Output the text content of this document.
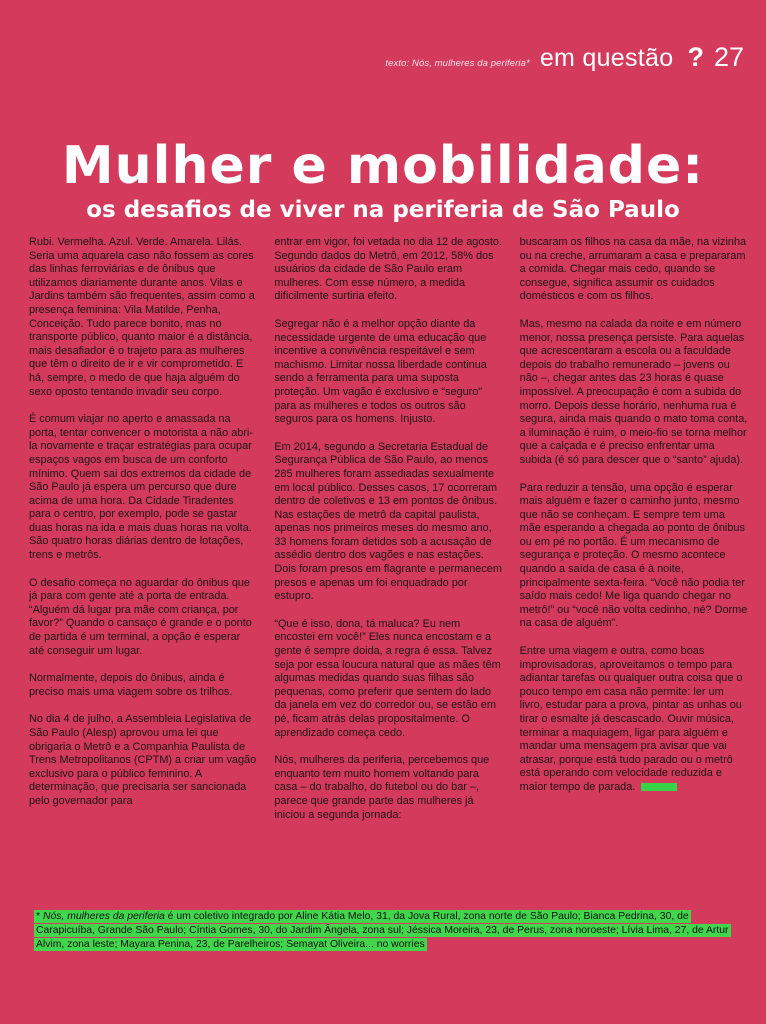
texto: Nós, mulheres da periferia* em questão ? 27
Mulher e mobilidade:
os desafios de viver na periferia de São Paulo

Rubi. Vermelha. Azul. Verde. Amarela. Lilás. Seria uma aquarela caso não fossem as cores das linhas ferroviárias e de ônibus que utilizamos diariamente durante anos. Vilas e Jardins também são frequentes, assim como a presença feminina: Vila Matilde, Penha, Conceição. Tudo parece bonito, mas no transporte público, quanto maior é a distância, mais desafiador é o trajeto para as mulheres que têm o direito de ir e vir comprometido. E há, sempre, o medo de que haja alguém do sexo oposto tentando invadir seu corpo.

É comum viajar no aperto e amassada na porta, tentar convencer o motorista a não abri-la novamente e traçar estratégias para ocupar espaços vagos em busca de um conforto mínimo. Quem sai dos extremos da cidade de São Paulo já espera um percurso que dure acima de uma hora. Da Cidade Tiradentes para o centro, por exemplo, pode se gastar duas horas na ida e mais duas horas na volta. São quatro horas diárias dentro de lotações, trens e metrôs.

O desafio começa no aguardar do ônibus que já para com gente até a porta de entrada. “Alguém dá lugar pra mãe com criança, por favor?” Quando o cansaço é grande e o ponto de partida é um terminal, a opção é esperar até conseguir um lugar.

Normalmente, depois do ônibus, ainda é preciso mais uma viagem sobre os trilhos.

No dia 4 de julho, a Assembleia Legislativa de São Paulo (Alesp) aprovou uma lei que obrigaria o Metrô e a Companhia Paulista de Trens Metropolitanos (CPTM) a criar um vagão exclusivo para o público feminino. A determinação, que precisaria ser sancionada pelo governador para

entrar em vigor, foi vetada no dia 12 de agosto. Segundo dados do Metrô, em 2012, 58% dos usuários da cidade de São Paulo eram mulheres. Com esse número, a medida dificilmente surtiria efeito.

Segregar não é a melhor opção diante da necessidade urgente de uma educação que incentive a convivência respeitável e sem machismo. Limitar nossa liberdade continua sendo a ferramenta para uma suposta proteção. Um vagão é exclusivo e “seguro” para as mulheres e todos os outros são seguros para os homens. Injusto.

Em 2014, segundo a Secretaria Estadual de Segurança Pública de São Paulo, ao menos 285 mulheres foram assediadas sexualmente em local público. Desses casos, 17 ocorreram dentro de coletivos e 13 em pontos de ônibus. Nas estações de metrô da capital paulista, apenas nos primeiros meses do mesmo ano, 33 homens foram detidos sob a acusação de assédio dentro dos vagões e nas estações. Dois foram presos em flagrante e permanecem presos e apenas um foi enquadrado por estupro.

“Que é isso, dona, tá maluca? Eu nem encostei em você!” Eles nunca encostam e a gente é sempre doida, a regra é essa. Talvez seja por essa loucura natural que as mães têm algumas medidas quando suas filhas são pequenas, como preferir que sentem do lado da janela em vez do corredor ou, se estão em pé, ficam atrás delas propositalmente. O aprendizado começa cedo.

Nós, mulheres da periferia, percebemos que enquanto tem muito homem voltando para casa – do trabalho, do futebol ou do bar –, parece que grande parte das mulheres já iniciou a segunda jornada:

buscaram os filhos na casa da mãe, na vizinha ou na creche, arrumaram a casa e prepararam a comida. Chegar mais cedo, quando se consegue, significa assumir os cuidados domésticos e com os filhos.

Mas, mesmo na calada da noite e em número menor, nossa presença persiste. Para aquelas que acrescentaram a escola ou a faculdade depois do trabalho remunerado – jovens ou não –, chegar antes das 23 horas é quase impossível. A preocupação é com a subida do morro. Depois desse horário, nenhuma rua é segura, ainda mais quando o mato toma conta, a iluminação é ruim, o meio-fio se torna melhor que a calçada e é preciso enfrentar uma subida (é só para descer que o “santo” ajuda).

Para reduzir a tensão, uma opção é esperar mais alguém e fazer o caminho junto, mesmo que não se conheçam. E sempre tem uma mãe esperando a chegada ao ponto de ônibus ou em pé no portão. É um mecanismo de segurança e proteção. O mesmo acontece quando a saída de casa é à noite, principalmente sexta-feira. “Você não podia ter saído mais cedo! Me liga quando chegar no metrô!” ou “você não volta cedinho, né? Dorme na casa de alguém”.

Entre uma viagem e outra, como boas improvisadoras, aproveitamos o tempo para adiantar tarefas ou qualquer outra coisa que o pouco tempo em casa não permite: ler um livro, estudar para a prova, pintar as unhas ou tirar o esmalte já descascado. Ouvir música, terminar a maquiagem, ligar para alguém e mandar uma mensagem pra avisar que vai atrasar, porque está tudo parado ou o metrô está operando com velocidade reduzida e maior tempo de parada.

* Nós, mulheres da periferia é um coletivo integrado por Aline Kátia Melo, 31, da Jova Rural, zona norte de São Paulo; Bianca Pedrina, 30, de Carapicuíba, Grande São Paulo; Cíntia Gomes, 30, do Jardim Ângela, zona sul; Jéssica Moreira, 23, de Perus, zona noroeste; Lívia Lima, 27, de Artur Alvim, zona leste; Mayara Penina, 23, de Parelheiros; Semayat Oliveira... no worries
